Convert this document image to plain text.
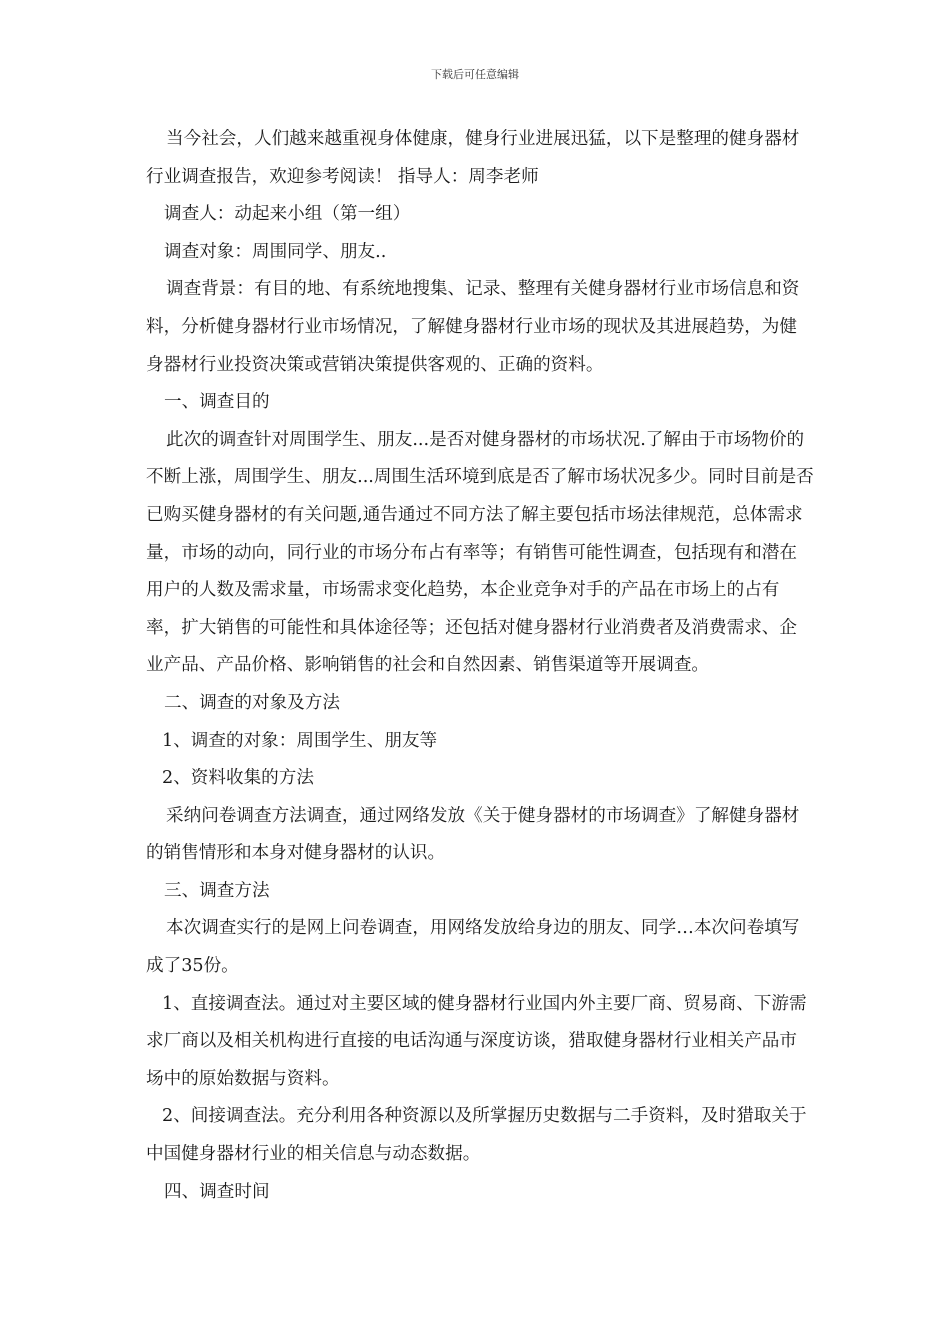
下载后可任意编辑

当今社会，人们越来越重视身体健康，健身行业进展迅猛，以下是整理的健身器材行业调查报告，欢迎参考阅读！ 指导人：周李老师

调查人：动起来小组（第一组）

调查对象：周围同学、朋友..

调查背景：有目的地、有系统地搜集、记录、整理有关健身器材行业市场信息和资料，分析健身器材行业市场情况，了解健身器材行业市场的现状及其进展趋势，为健身器材行业投资决策或营销决策提供客观的、正确的资料。

一、调查目的

此次的调查针对周围学生、朋友...是否对健身器材的市场状况.了解由于市场物价的不断上涨，周围学生、朋友...周围生活环境到底是否了解市场状况多少。同时目前是否已购买健身器材的有关问题,通告通过不同方法了解主要包括市场法律规范，总体需求量，市场的动向，同行业的市场分布占有率等；有销售可能性调查，包括现有和潜在用户的人数及需求量，市场需求变化趋势，本企业竞争对手的产品在市场上的占有率，扩大销售的可能性和具体途径等；还包括对健身器材行业消费者及消费需求、企业产品、产品价格、影响销售的社会和自然因素、销售渠道等开展调查。

二、调查的对象及方法

1、调查的对象：周围学生、朋友等

2、资料收集的方法

采纳问卷调查方法调查，通过网络发放《关于健身器材的市场调查》了解健身器材的销售情形和本身对健身器材的认识。

三、调查方法

本次调查实行的是网上问卷调查，用网络发放给身边的朋友、同学…本次问卷填写成了35份。

1、直接调查法。通过对主要区域的健身器材行业国内外主要厂商、贸易商、下游需求厂商以及相关机构进行直接的电话沟通与深度访谈，猎取健身器材行业相关产品市场中的原始数据与资料。

2、间接调查法。充分利用各种资源以及所掌握历史数据与二手资料，及时猎取关于中国健身器材行业的相关信息与动态数据。

四、调查时间
